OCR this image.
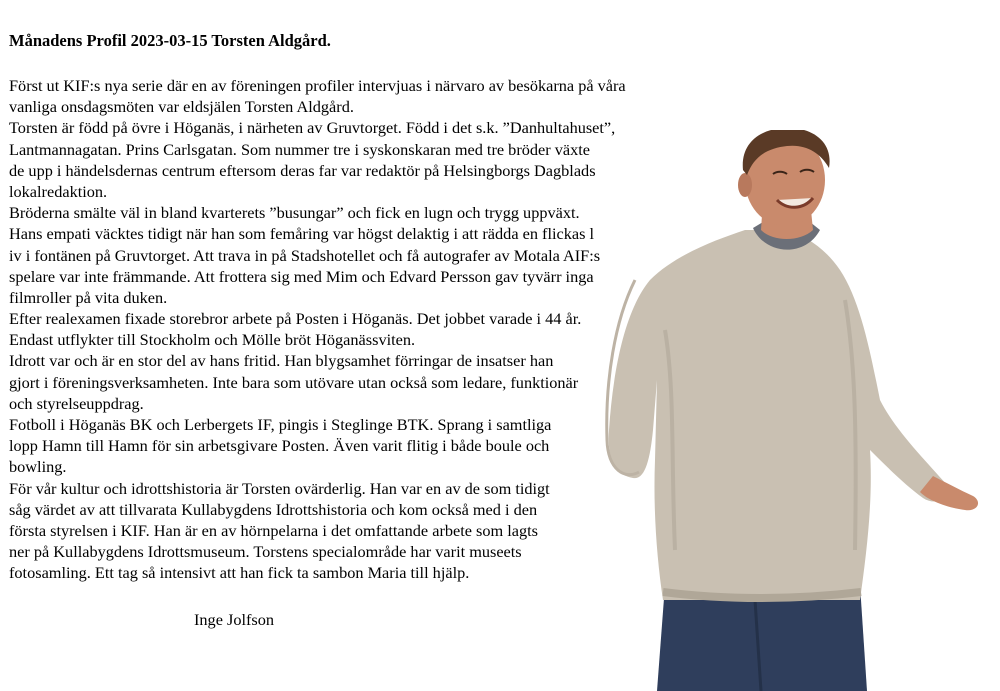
Månadens Profil 2023-03-15 Torsten Aldgård.
Först ut KIF:s nya serie där en av föreningen profiler intervjuas i närvaro av besökarna på våra
vanliga onsdagsmöten var eldsjälen Torsten Aldgård.
Torsten är född på övre i Höganäs, i närheten av Gruvtorget. Född i det s.k. ”Danhultahuset”,
Lantmannagatan. Prins Carlsgatan. Som nummer tre i syskonskaran med tre bröder växte
de upp i händelsdernas centrum eftersom deras far var redaktör på Helsingborgs Dagblads
lokalredaktion.
Bröderna smälte väl in bland kvarterets ”busungar” och fick en lugn och trygg uppväxt.
Hans empati väcktes tidigt när han som femåring var högst delaktig i att rädda en flickas l
iv i fontänen på Gruvtorget. Att trava in på Stadshotellet och få autografer av Motala AIF:s
spelare var inte främmande. Att frottera sig med Mim och Edvard Persson gav tyvärr inga
filmroller på vita duken.
Efter realexamen fixade storebror arbete på Posten i Höganäs. Det jobbet varade i 44 år.
Endast utflykter till Stockholm och Mölle bröt Höganässviten.
Idrott var och är en stor del av hans fritid. Han blygsamhet förringar de insatser han
gjort i föreningsverksamheten. Inte bara som utövare utan också som ledare, funktionär
och styrelseuppdrag.
Fotboll i Höganäs BK och Lerbergets IF, pingis i Steglinge BTK. Sprang i samtliga
lopp Hamn till Hamn för sin arbetsgivare Posten. Även varit flitig i både boule och
bowling.
För vår kultur och idrottshistoria är Torsten ovärderlig. Han var en av de som tidigt
såg värdet av att tillvarata Kullabygdens Idrottshistoria och kom också med i den
första styrelsen i KIF. Han är en av hörnpelarna i det omfattande arbete som lagts
ner på Kullabygdens Idrottsmuseum. Torstens specialområde har varit museets
fotosamling. Ett tag så intensivt att han fick ta sambon Maria till hjälp.
Inge Jolfson
